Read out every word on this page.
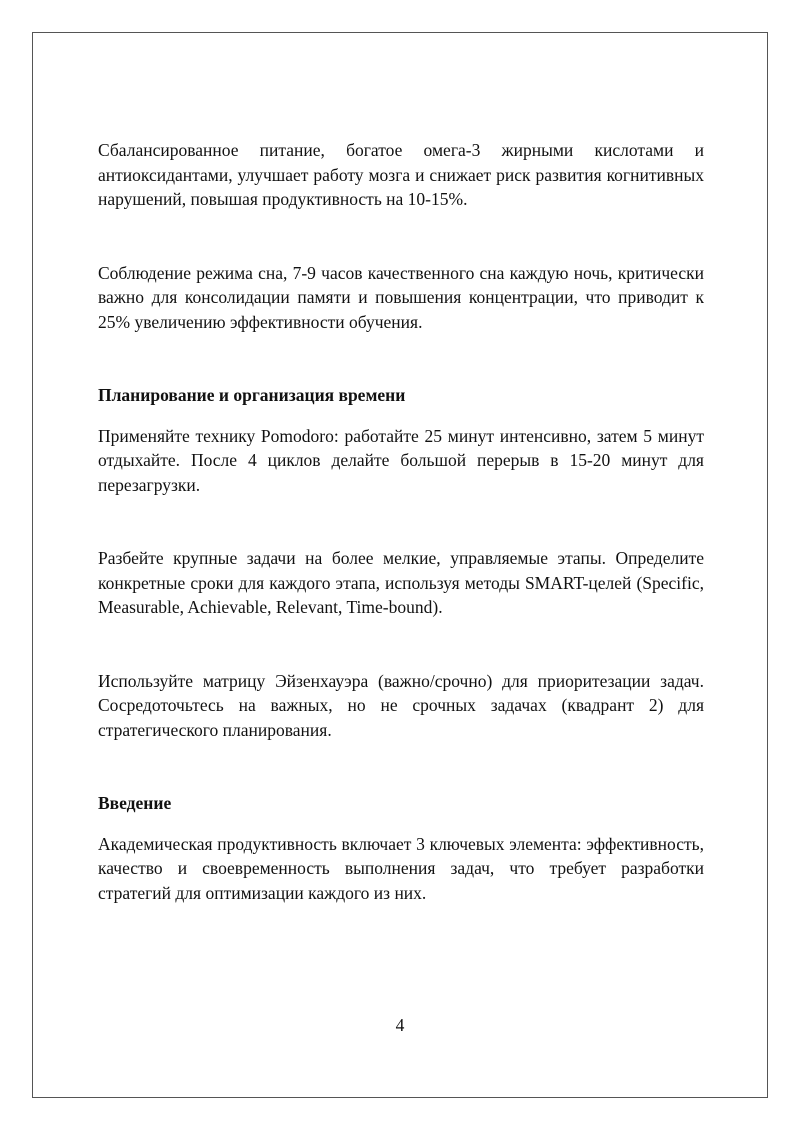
Сбалансированное питание, богатое омега-3 жирными кислотами и антиоксидантами, улучшает работу мозга и снижает риск развития когнитивных нарушений, повышая продуктивность на 10-15%.

Соблюдение режима сна, 7-9 часов качественного сна каждую ночь, критически важно для консолидации памяти и повышения концентрации, что приводит к 25% увеличению эффективности обучения.

Планирование и организация времени

Применяйте технику Pomodoro: работайте 25 минут интенсивно, затем 5 минут отдыхайте. После 4 циклов делайте большой перерыв в 15-20 минут для перезагрузки.

Разбейте крупные задачи на более мелкие, управляемые этапы. Определите конкретные сроки для каждого этапа, используя методы SMART-целей (Specific, Measurable, Achievable, Relevant, Time-bound).

Используйте матрицу Эйзенхауэра (важно/срочно) для приоритезации задач. Сосредоточьтесь на важных, но не срочных задачах (квадрант 2) для стратегического планирования.

Введение

Академическая продуктивность включает 3 ключевых элемента: эффективность, качество и своевременность выполнения задач, что требует разработки стратегий для оптимизации каждого из них.

4
